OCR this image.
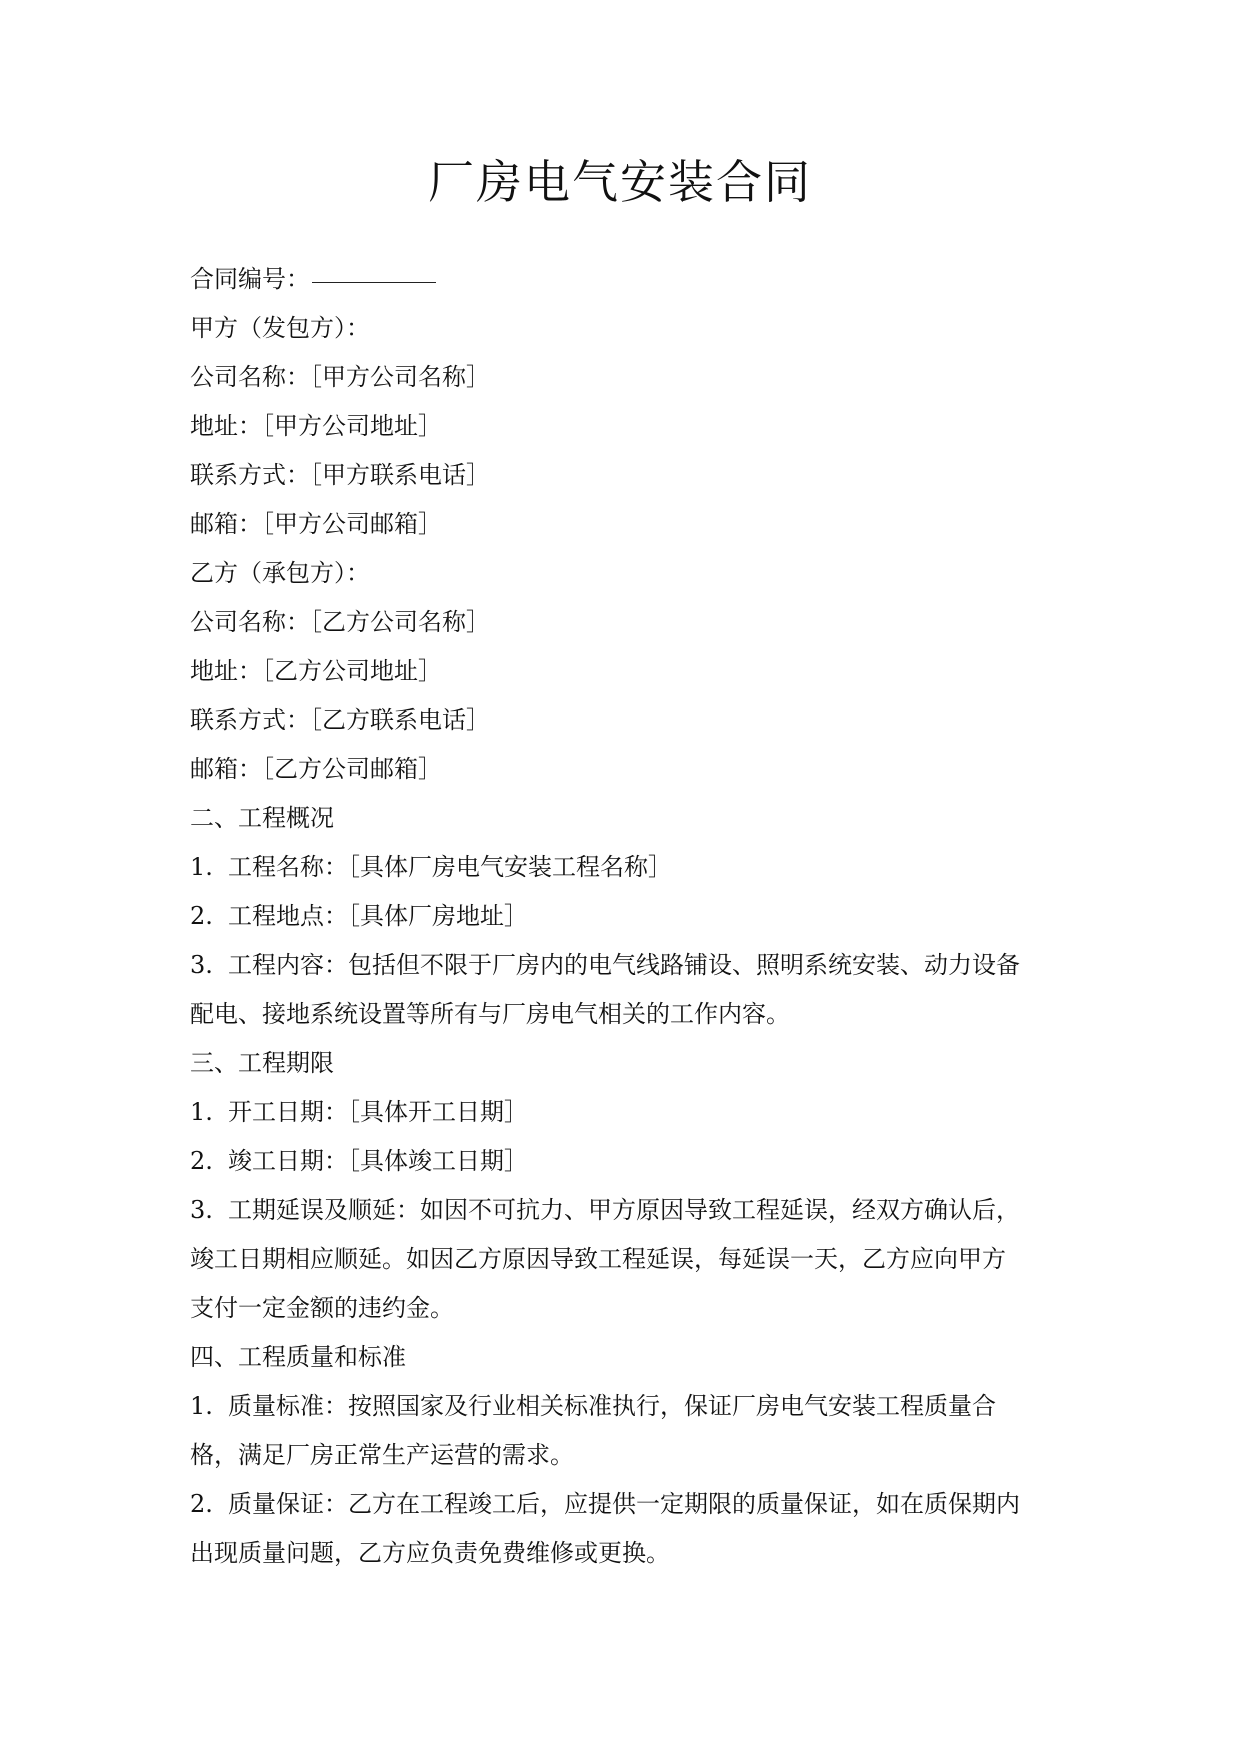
厂房电气安装合同
合同编号：
甲方（发包方）：
公司名称：［甲方公司名称］
地址：［甲方公司地址］
联系方式：［甲方联系电话］
邮箱：［甲方公司邮箱］
乙方（承包方）：
公司名称：［乙方公司名称］
地址：［乙方公司地址］
联系方式：［乙方联系电话］
邮箱：［乙方公司邮箱］
二、工程概况
1. 工程名称：［具体厂房电气安装工程名称］
2. 工程地点：［具体厂房地址］
3. 工程内容：包括但不限于厂房内的电气线路铺设、照明系统安装、动力设备
配电、接地系统设置等所有与厂房电气相关的工作内容。
三、工程期限
1. 开工日期：［具体开工日期］
2. 竣工日期：［具体竣工日期］
3. 工期延误及顺延：如因不可抗力、甲方原因导致工程延误，经双方确认后，
竣工日期相应顺延。如因乙方原因导致工程延误，每延误一天，乙方应向甲方
支付一定金额的违约金。
四、工程质量和标准
1. 质量标准：按照国家及行业相关标准执行，保证厂房电气安装工程质量合
格，满足厂房正常生产运营的需求。
2. 质量保证：乙方在工程竣工后，应提供一定期限的质量保证，如在质保期内
出现质量问题，乙方应负责免费维修或更换。
